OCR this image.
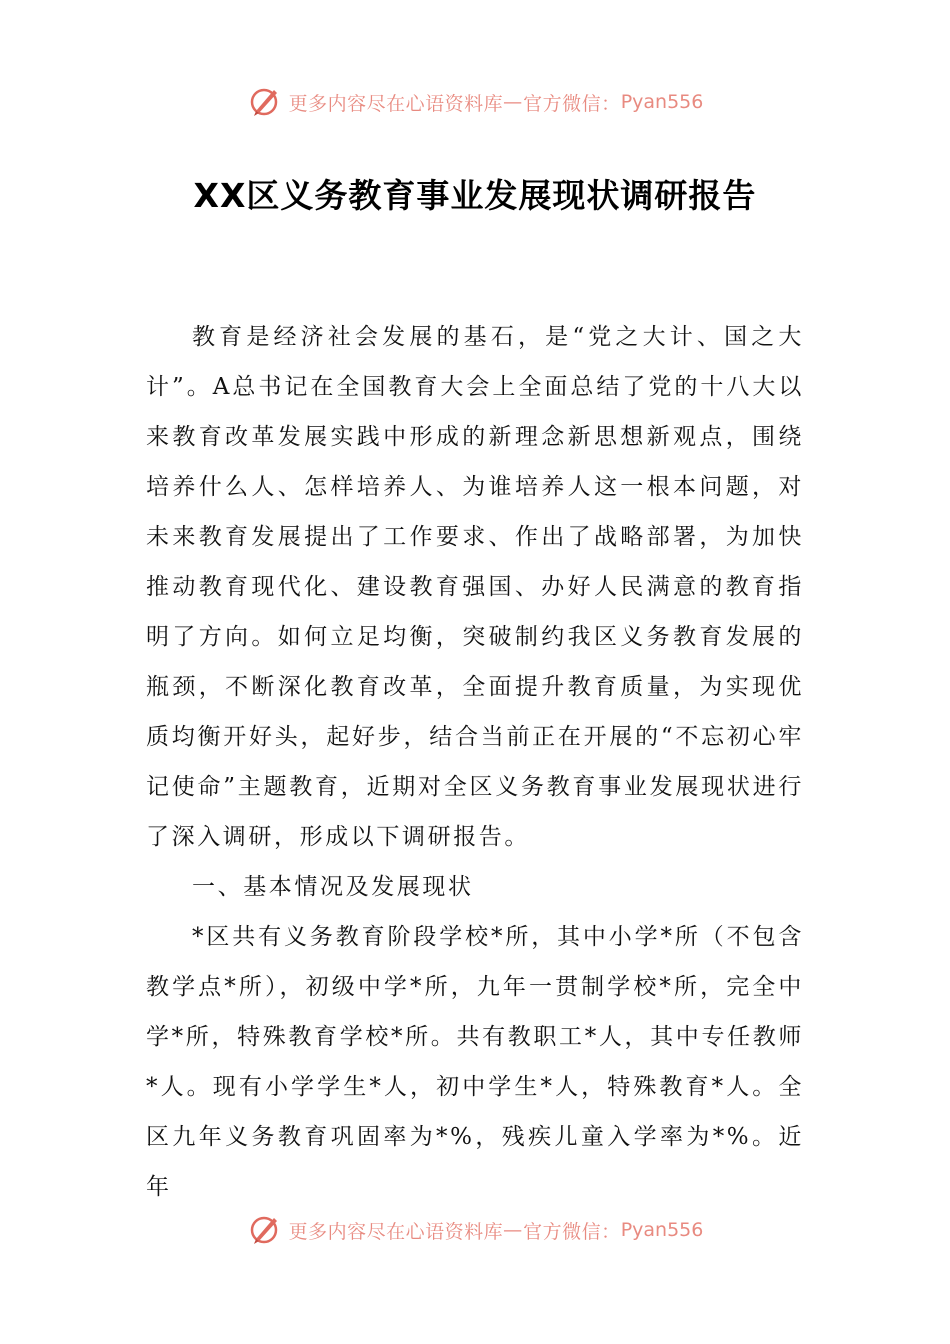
更多内容尽在心语资料库 — 官方微信： Pyan556
XX区义务教育事业发展现状调研报告

教育是经济社会发展的基石，是“党之大计、国之大计”。A总书记在全国教育大会上全面总结了党的十八大以来教育改革发展实践中形成的新理念新思想新观点，围绕培养什么人、怎样培养人、为谁培养人这一根本问题，对未来教育发展提出了工作要求、作出了战略部署，为加快推动教育现代化、建设教育强国、办好人民满意的教育指明了方向。如何立足均衡，突破制约我区义务教育发展的瓶颈，不断深化教育改革，全面提升教育质量，为实现优质均衡开好头，起好步，结合当前正在开展的“不忘初心牢记使命”主题教育，近期对全区义务教育事业发展现状进行了深入调研，形成以下调研报告。

一、基本情况及发展现状

*区共有义务教育阶段学校*所，其中小学*所（不包含教学点*所），初级中学*所，九年一贯制学校*所，完全中学*所，特殊教育学校*所。共有教职工*人，其中专任教师*人。现有小学学生*人，初中学生*人，特殊教育*人。全区九年义务教育巩固率为*%，残疾儿童入学率为*%。近年

更多内容尽在心语资料库 — 官方微信： Pyan556
